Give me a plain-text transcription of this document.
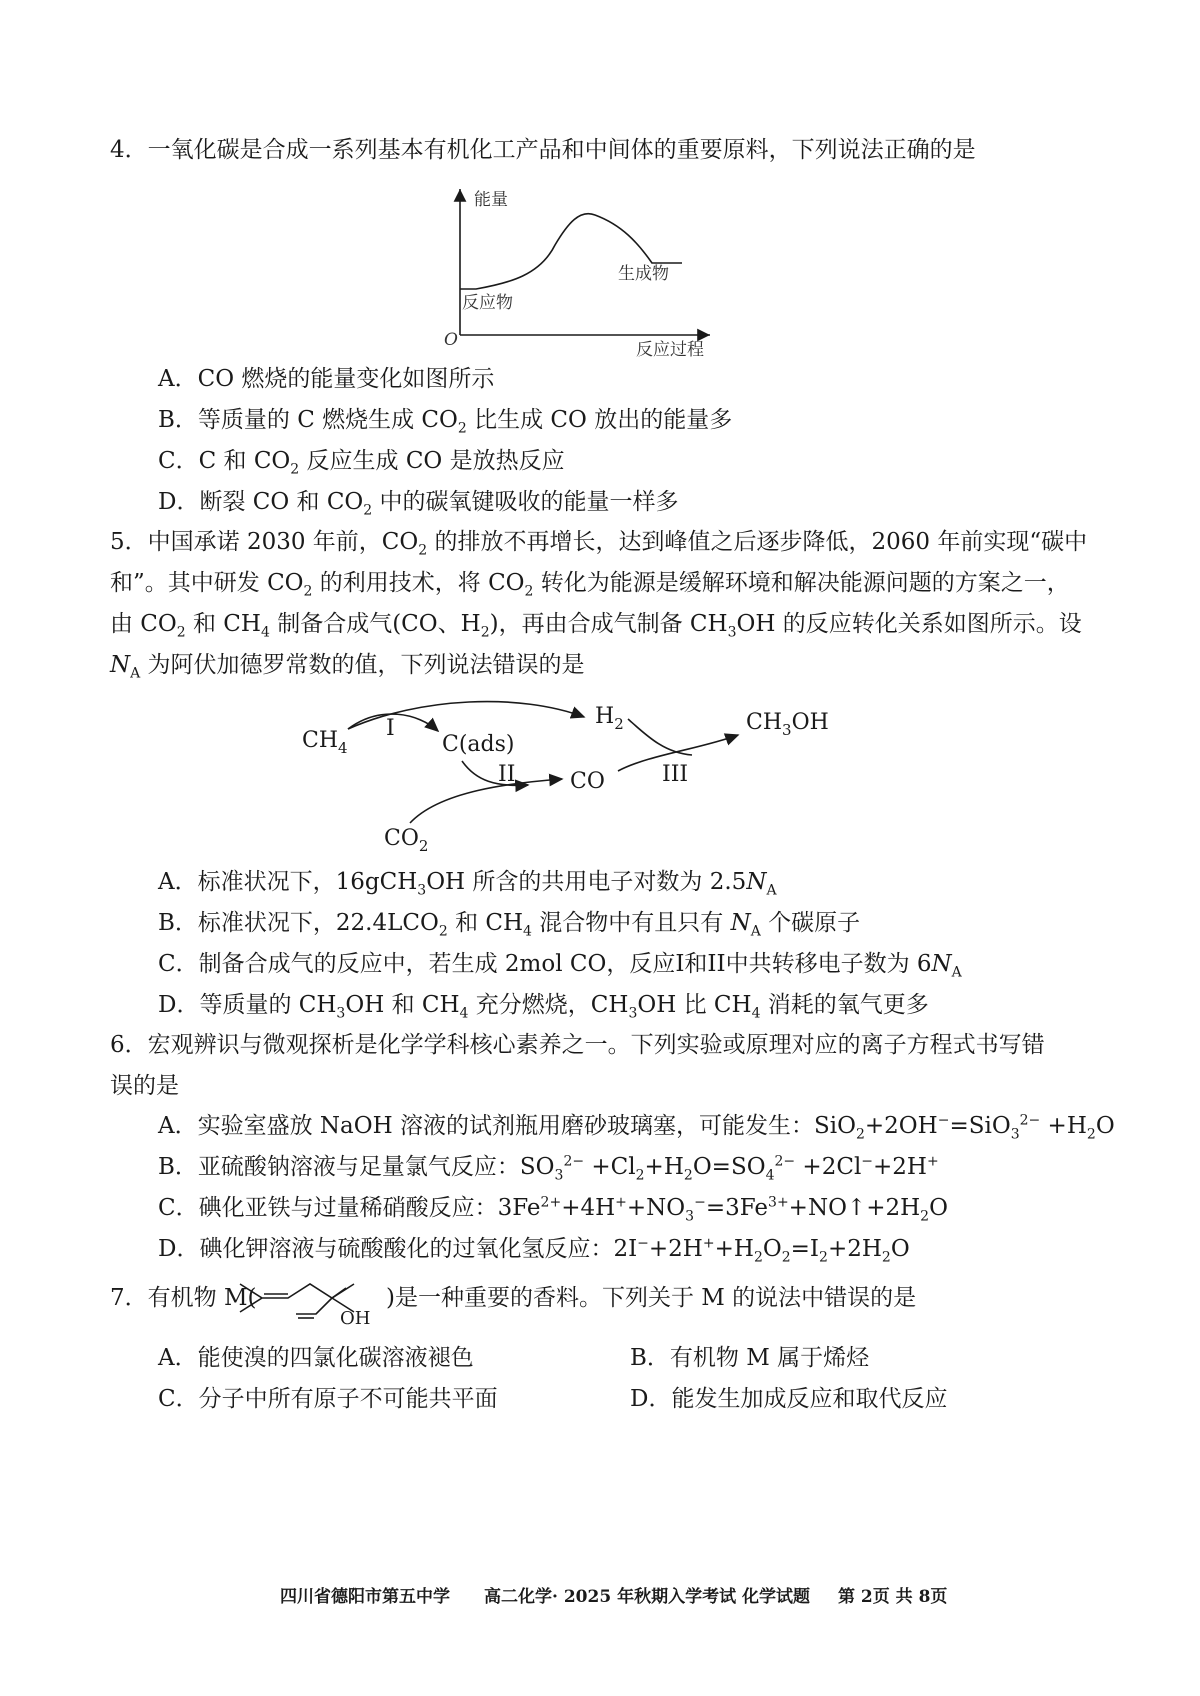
4．一氧化碳是合成一系列基本有机化工产品和中间体的重要原料，下列说法正确的是
能量
反应物
生成物
O	反应过程
A．CO 燃烧的能量变化如图所示
B．等质量的 C 燃烧生成 $CO_2$ 比生成 CO 放出的能量多
C．C 和 $CO_2$ 反应生成 CO 是放热反应
D．断裂 CO 和 $CO_2$ 中的碳氧键吸收的能量一样多
5．中国承诺 2030 年前，$CO_2$ 的排放不再增长，达到峰值之后逐步降低，2060 年前实现“碳中
和”。其中研发 $CO_2$ 的利用技术，将 $CO_2$ 转化为能源是缓解环境和解决能源问题的方案之一，
由 $CO_2$ 和 $CH_4$ 制备合成气(CO、$H_2$)，再由合成气制备 $CH_3OH$ 的反应转化关系如图所示。设
$N_A$ 为阿伏加德罗常数的值，下列说法错误的是
$CH_4$
I
C(ads)
$H_2$
II CO	III
$CH_3OH$
$CO_2$
A．标准状况下，16gCH$_3$OH 所含的共用电子对数为 $2.5N_A$
B．标准状况下，$22.4LCO_2$ 和 $CH_4$ 混合物中有且只有 $N_A$ 个碳原子
C．制备合成气的反应中，若生成 2mol CO，反应I和II中共转移电子数为 $6N_A$
D．等质量的 $CH_3OH$ 和 $CH_4$ 充分燃烧，$CH_3OH$ 比 $CH_4$ 消耗的氧气更多
6．宏观辨识与微观探析是化学学科核心素养之一。下列实验或原理对应的离子方程式书写错
误的是
A．实验室盛放 NaOH 溶液的试剂瓶用磨砂玻璃塞，可能发生：$SiO_2+2OH^-=SiO_3^{2-} +H_2O$
B．亚硫酸钠溶液与足量氯气反应：$SO_3^{2-} +Cl_2+H_2O=SO_4^{2-} +2Cl^-+2H^+$
C．碘化亚铁与过量稀硝酸反应：$3Fe^{2+}+4H^++NO_3^-=3Fe^{3+}+NO↑+2H_2O$
D．碘化钾溶液与硫酸酸化的过氧化氢反应：$2I^-+2H^++H_2O_2=I_2+2H_2O$
7．有机物 M(
OH
)是一种重要的香料。下列关于 M 的说法中错误的是
A．能使溴的四氯化碳溶液褪色	B．有机物 M 属于烯烃
C．分子中所有原子不可能共平面	D．能发生加成反应和取代反应
四川省德阳市第五中学 高二化学· 2025 年秋期入学考试 化学试题 第 2页 共 8页
